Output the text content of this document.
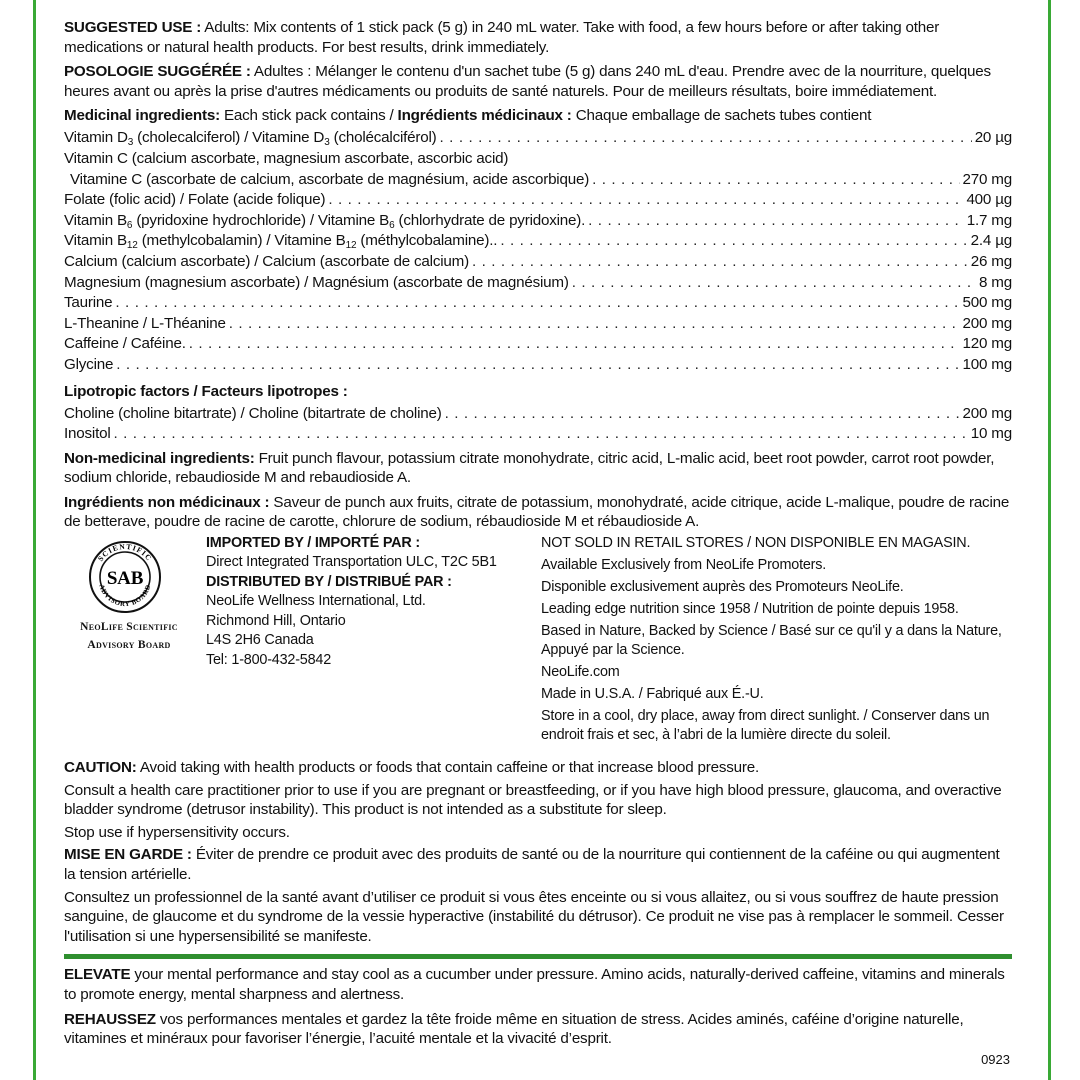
SUGGESTED USE : Adults: Mix contents of 1 stick pack (5 g) in 240 mL water. Take with food, a few hours before or after taking other medications or natural health products. For best results, drink immediately.

POSOLOGIE SUGGÉRÉE : Adultes : Mélanger le contenu d'un sachet tube (5 g) dans 240 mL d'eau. Prendre avec de la nourriture, quelques heures avant ou après la prise d'autres médicaments ou produits de santé naturels. Pour de meilleurs résultats, boire immédiatement.

Medicinal ingredients: Each stick pack contains / Ingrédients médicinaux : Chaque emballage de sachets tubes contient
Vitamin $D_3$ (cholecalciferol) / Vitamine $D_3$ (cholécalciférol) . . .	20 µg
Vitamin C (calcium ascorbate, magnesium ascorbate, ascorbic acid)
Vitamine C (ascorbate de calcium, ascorbate de magnésium, acide ascorbique) . . .	270 mg
Folate (folic acid) / Folate (acide folique) . . .	400 µg
Vitamin $B_6$ (pyridoxine hydrochloride) / Vitamine $B_6$ (chlorhydrate de pyridoxine). . . .	1.7 mg
Vitamin $B_{12}$ (methylcobalamin) / Vitamine $B_{12}$ (méthylcobalamine).. . . .	2.4 µg
Calcium (calcium ascorbate) / Calcium (ascorbate de calcium) . . .	26 mg
Magnesium (magnesium ascorbate) / Magnésium (ascorbate de magnésium) . . .	8 mg
Taurine . . .	500 mg
L-Theanine / L-Théanine . . .	200 mg
Caffeine / Caféine. . . .	120 mg
Glycine . . .	100 mg
Lipotropic factors / Facteurs lipotropes :
Choline (choline bitartrate) / Choline (bitartrate de choline) . . .	200 mg
Inositol . . .	10 mg

Non-medicinal ingredients: Fruit punch flavour, potassium citrate monohydrate, citric acid, L-malic acid, beet root powder, carrot root powder, sodium chloride, rebaudioside M and rebaudioside A.

Ingrédients non médicinaux : Saveur de punch aux fruits, citrate de potassium, monohydraté, acide citrique, acide L-malique, poudre de racine de betterave, poudre de racine de carotte, chlorure de sodium, rébaudioside M et rébaudioside A.

SCIENTIFIC
ADVISORY BOARD
SAB
NeoLife Scientific
Advisory Board
IMPORTED BY / IMPORTÉ PAR :
Direct Integrated Transportation ULC, T2C 5B1
DISTRIBUTED BY / DISTRIBUÉ PAR :
NeoLife Wellness International, Ltd.
Richmond Hill, Ontario
L4S 2H6 Canada
Tel: 1-800-432-5842
NOT SOLD IN RETAIL STORES / NON DISPONIBLE EN MAGASIN.
Available Exclusively from NeoLife Promoters.
Disponible exclusivement auprès des Promoteurs NeoLife.
Leading edge nutrition since 1958 / Nutrition de pointe depuis 1958.
Based in Nature, Backed by Science / Basé sur ce qu'il y a dans la Nature, Appuyé par la Science.
NeoLife.com
Made in U.S.A. / Fabriqué aux É.-U.
Store in a cool, dry place, away from direct sunlight. / Conserver dans un endroit frais et sec, à l’abri de la lumière directe du soleil.

CAUTION: Avoid taking with health products or foods that contain caffeine or that increase blood pressure.

Consult a health care practitioner prior to use if you are pregnant or breastfeeding, or if you have high blood pressure, glaucoma, and overactive bladder syndrome (detrusor instability). This product is not intended as a substitute for sleep.

Stop use if hypersensitivity occurs.

MISE EN GARDE : Éviter de prendre ce produit avec des produits de santé ou de la nourriture qui contiennent de la caféine ou qui augmentent la tension artérielle.

Consultez un professionnel de la santé avant d’utiliser ce produit si vous êtes enceinte ou si vous allaitez, ou si vous souffrez de haute pression sanguine, de glaucome et du syndrome de la vessie hyperactive (instabilité du détrusor). Ce produit ne vise pas à remplacer le sommeil. Cesser l'utilisation si une hypersensibilité se manifeste.

ELEVATE your mental performance and stay cool as a cucumber under pressure. Amino acids, naturally-derived caffeine, vitamins and minerals to promote energy, mental sharpness and alertness.

REHAUSSEZ vos performances mentales et gardez la tête froide même en situation de stress. Acides aminés, caféine d’origine naturelle, vitamines et minéraux pour favoriser l’énergie, l’acuité mentale et la vivacité d’esprit.

0923
